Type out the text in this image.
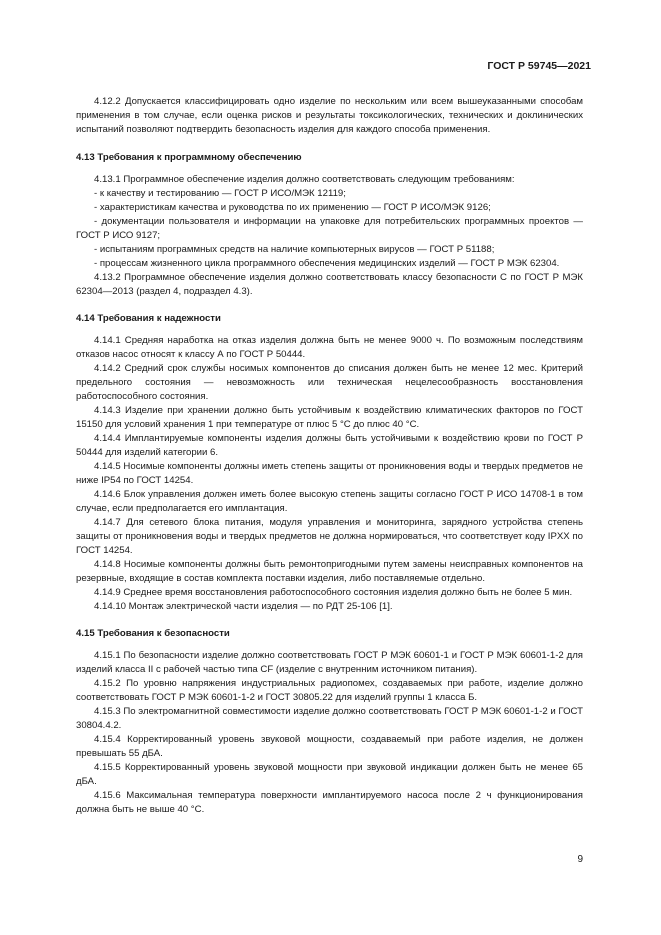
ГОСТ Р 59745—2021

4.12.2 Допускается классифицировать одно изделие по нескольким или всем вышеуказанными способам применения в том случае, если оценка рисков и результаты токсикологических, технических и доклинических испытаний позволяют подтвердить безопасность изделия для каждого способа применения.

4.13 Требования к программному обеспечению

4.13.1 Программное обеспечение изделия должно соответствовать следующим требованиям:

- к качеству и тестированию — ГОСТ Р ИСО/МЭК 12119;

- характеристикам качества и руководства по их применению — ГОСТ Р ИСО/МЭК 9126;

- документации пользователя и информации на упаковке для потребительских программных проектов — ГОСТ Р ИСО 9127;

- испытаниям программных средств на наличие компьютерных вирусов — ГОСТ Р 51188;

- процессам жизненного цикла программного обеспечения медицинских изделий — ГОСТ Р МЭК 62304.

4.13.2 Программное обеспечение изделия должно соответствовать классу безопасности С по ГОСТ Р МЭК 62304—2013 (раздел 4, подраздел 4.3).

4.14 Требования к надежности

4.14.1 Средняя наработка на отказ изделия должна быть не менее 9000 ч. По возможным последствиям отказов насос относят к классу А по ГОСТ Р 50444.

4.14.2 Средний срок службы носимых компонентов до списания должен быть не менее 12 мес. Критерий предельного состояния — невозможность или техническая нецелесообразность восстановления работоспособного состояния.

4.14.3 Изделие при хранении должно быть устойчивым к воздействию климатических факторов по ГОСТ 15150 для условий хранения 1 при температуре от плюс 5 °С до плюс 40 °С.

4.14.4 Имплантируемые компоненты изделия должны быть устойчивыми к воздействию крови по ГОСТ Р 50444 для изделий категории 6.

4.14.5 Носимые компоненты должны иметь степень защиты от проникновения воды и твердых предметов не ниже IP54 по ГОСТ 14254.

4.14.6 Блок управления должен иметь более высокую степень защиты согласно ГОСТ Р ИСО 14708-1 в том случае, если предполагается его имплантация.

4.14.7 Для сетевого блока питания, модуля управления и мониторинга, зарядного устройства степень защиты от проникновения воды и твердых предметов не должна нормироваться, что соответствует коду IPXX по ГОСТ 14254.

4.14.8 Носимые компоненты должны быть ремонтопригодными путем замены неисправных компонентов на резервные, входящие в состав комплекта поставки изделия, либо поставляемые отдельно.

4.14.9 Среднее время восстановления работоспособного состояния изделия должно быть не более 5 мин.

4.14.10 Монтаж электрической части изделия — по РДТ 25-106 [1].

4.15 Требования к безопасности

4.15.1 По безопасности изделие должно соответствовать ГОСТ Р МЭК 60601-1 и ГОСТ Р МЭК 60601-1-2 для изделий класса II с рабочей частью типа CF (изделие с внутренним источником питания).

4.15.2 По уровню напряжения индустриальных радиопомех, создаваемых при работе, изделие должно соответствовать ГОСТ Р МЭК 60601-1-2 и ГОСТ 30805.22 для изделий группы 1 класса Б.

4.15.3 По электромагнитной совместимости изделие должно соответствовать ГОСТ Р МЭК 60601-1-2 и ГОСТ 30804.4.2.

4.15.4 Корректированный уровень звуковой мощности, создаваемый при работе изделия, не должен превышать 55 дБА.

4.15.5 Корректированный уровень звуковой мощности при звуковой индикации должен быть не менее 65 дБА.

4.15.6 Максимальная температура поверхности имплантируемого насоса после 2 ч функционирования должна быть не выше 40 °С.

9
